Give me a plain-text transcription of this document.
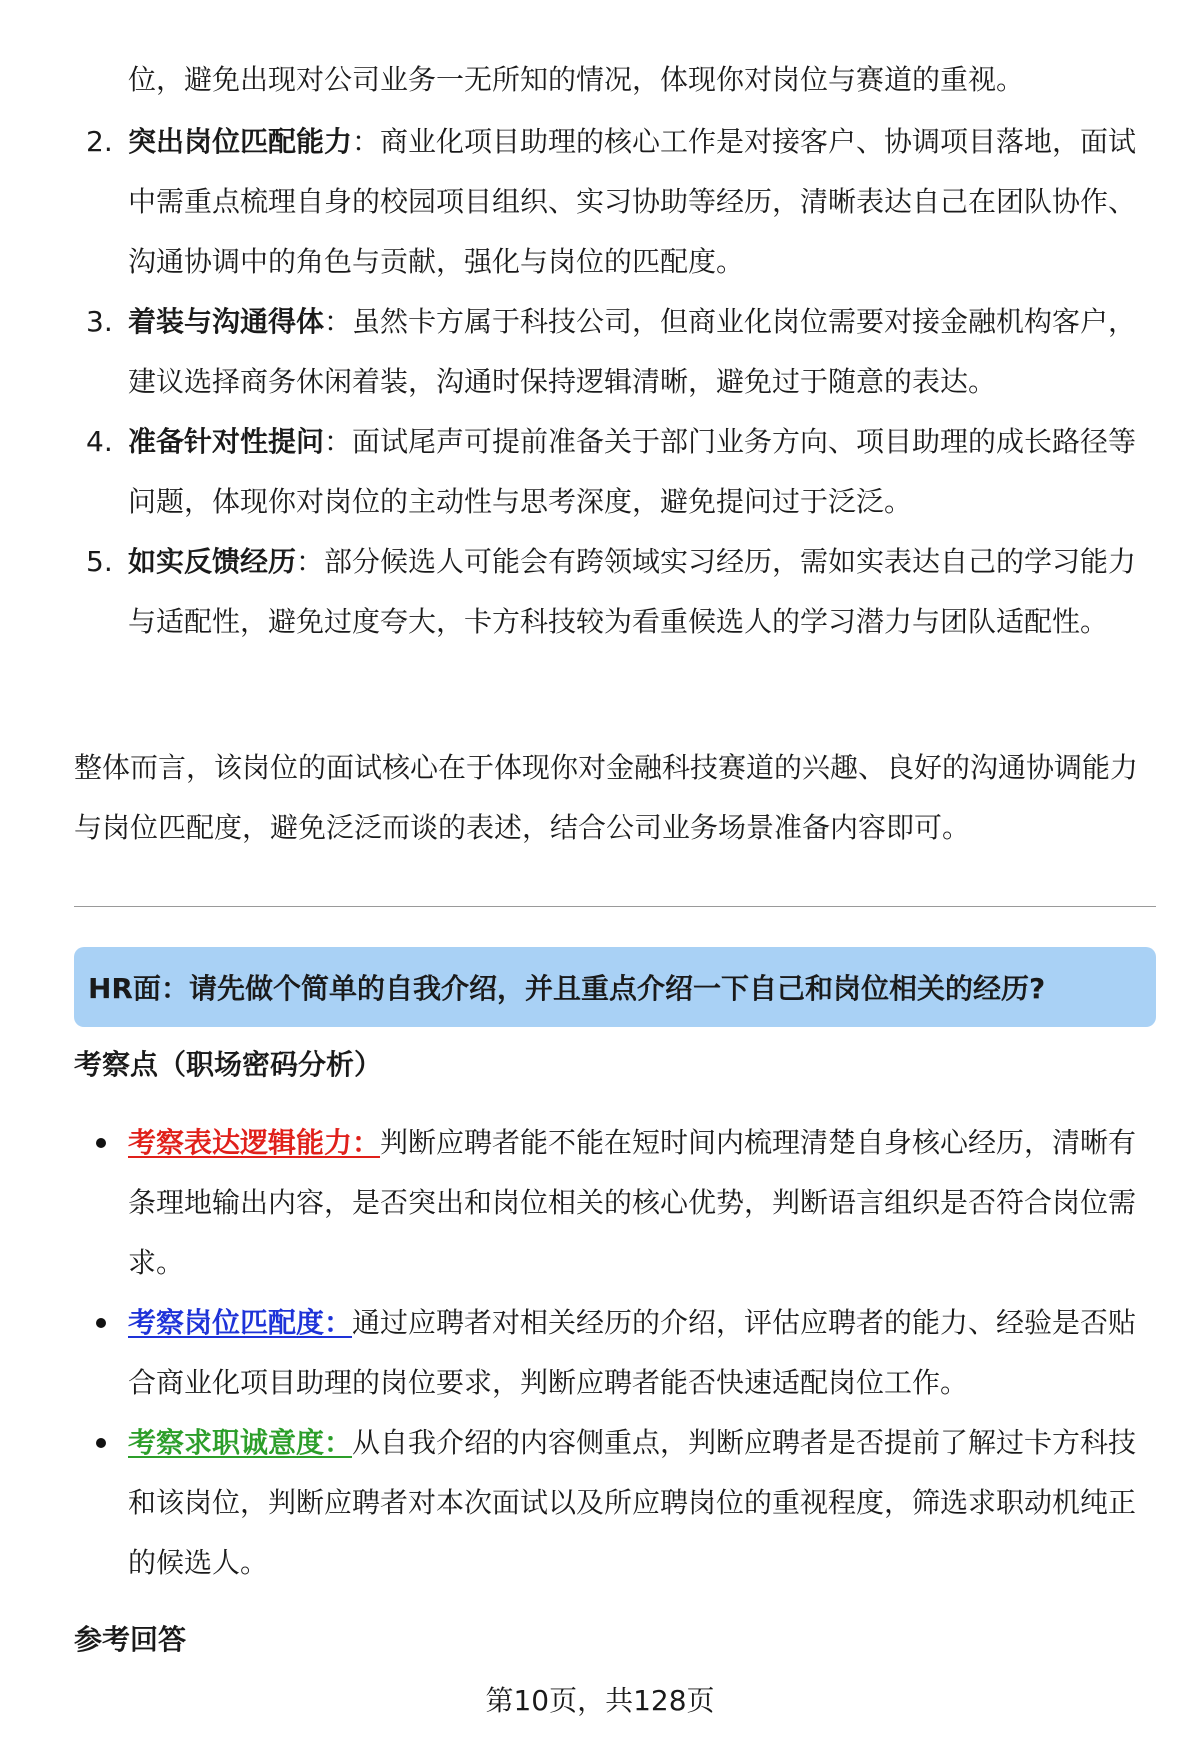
位，避免出现对公司业务一无所知的情况，体现你对岗位与赛道的重视。
2. 突出岗位匹配能力：商业化项目助理的核心工作是对接客户、协调项目落地，面试中需重点梳理自身的校园项目组织、实习协助等经历，清晰表达自己在团队协作、沟通协调中的角色与贡献，强化与岗位的匹配度。
3. 着装与沟通得体：虽然卡方属于科技公司，但商业化岗位需要对接金融机构客户，建议选择商务休闲着装，沟通时保持逻辑清晰，避免过于随意的表达。
4. 准备针对性提问：面试尾声可提前准备关于部门业务方向、项目助理的成长路径等问题，体现你对岗位的主动性与思考深度，避免提问过于泛泛。
5. 如实反馈经历：部分候选人可能会有跨领域实习经历，需如实表达自己的学习能力与适配性，避免过度夸大，卡方科技较为看重候选人的学习潜力与团队适配性。
整体而言，该岗位的面试核心在于体现你对金融科技赛道的兴趣、良好的沟通协调能力与岗位匹配度，避免泛泛而谈的表述，结合公司业务场景准备内容即可。
HR面：请先做个简单的自我介绍，并且重点介绍一下自己和岗位相关的经历?
考察点（职场密码分析）
考察表达逻辑能力：判断应聘者能不能在短时间内梳理清楚自身核心经历，清晰有条理地输出内容，是否突出和岗位相关的核心优势，判断语言组织是否符合岗位需求。
考察岗位匹配度：通过应聘者对相关经历的介绍，评估应聘者的能力、经验是否贴合商业化项目助理的岗位要求，判断应聘者能否快速适配岗位工作。
考察求职诚意度：从自我介绍的内容侧重点，判断应聘者是否提前了解过卡方科技和该岗位，判断应聘者对本次面试以及所应聘岗位的重视程度，筛选求职动机纯正的候选人。
参考回答
第10页，共128页
